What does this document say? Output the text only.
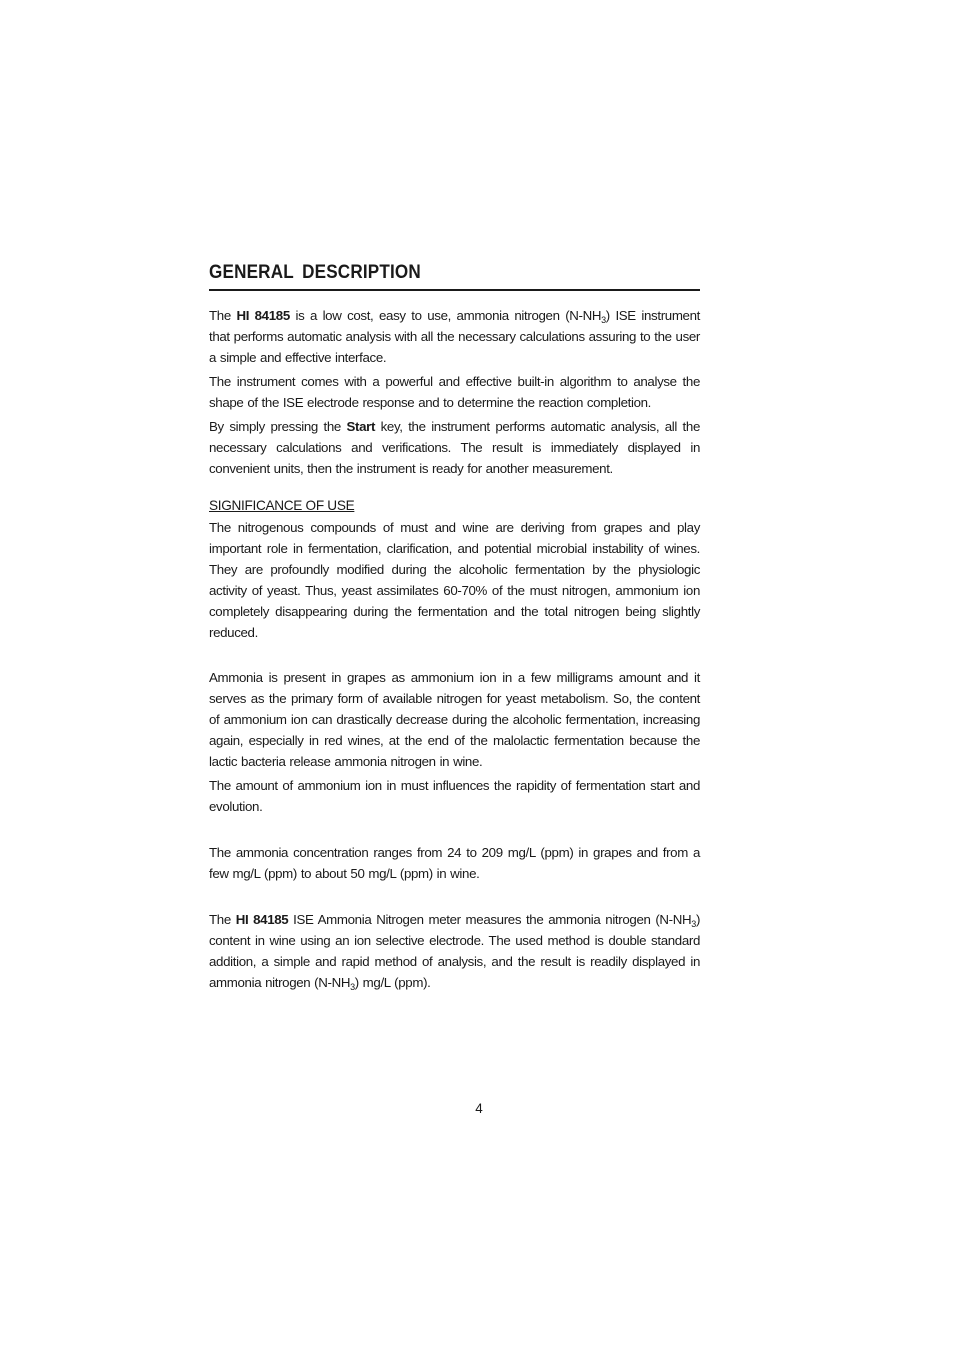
GENERAL DESCRIPTION

The HI 84185 is a low cost, easy to use, ammonia nitrogen $(N-NH_3)$ ISE instrument that performs automatic analysis with all the necessary calculations assuring to the user a simple and effective interface.

The instrument comes with a powerful and effective built-in algorithm to analyse the shape of the ISE electrode response and to determine the reaction completion.

By simply pressing the Start key, the instrument performs automatic analysis, all the necessary calculations and verifications. The result is immediately displayed in convenient units, then the instrument is ready for another measurement.

SIGNIFICANCE OF USE

The nitrogenous compounds of must and wine are deriving from grapes and play important role in fermentation, clarification, and potential microbial instability of wines. They are profoundly modified during the alcoholic fermentation by the physiologic activity of yeast. Thus, yeast assimilates 60-70% of the must nitrogen, ammonium ion completely disappearing during the fermentation and the total nitrogen being slightly reduced.

Ammonia is present in grapes as ammonium ion in a few milligrams amount and it serves as the primary form of available nitrogen for yeast metabolism. So, the content of ammonium ion can drastically decrease during the alcoholic fermentation, increasing again, especially in red wines, at the end of the malolactic fermentation because the lactic bacteria release ammonia nitrogen in wine.

The amount of ammonium ion in must influences the rapidity of fermentation start and evolution.

The ammonia concentration ranges from 24 to 209 mg/L (ppm) in grapes and from a few mg/L (ppm) to about 50 mg/L (ppm) in wine.

The HI 84185 ISE Ammonia Nitrogen meter measures the ammonia nitrogen $(N-NH_3)$ content in wine using an ion selective electrode. The used method is double standard addition, a simple and rapid method of analysis, and the result is readily displayed in ammonia nitrogen $(N-NH_3)$ mg/L (ppm).

4
